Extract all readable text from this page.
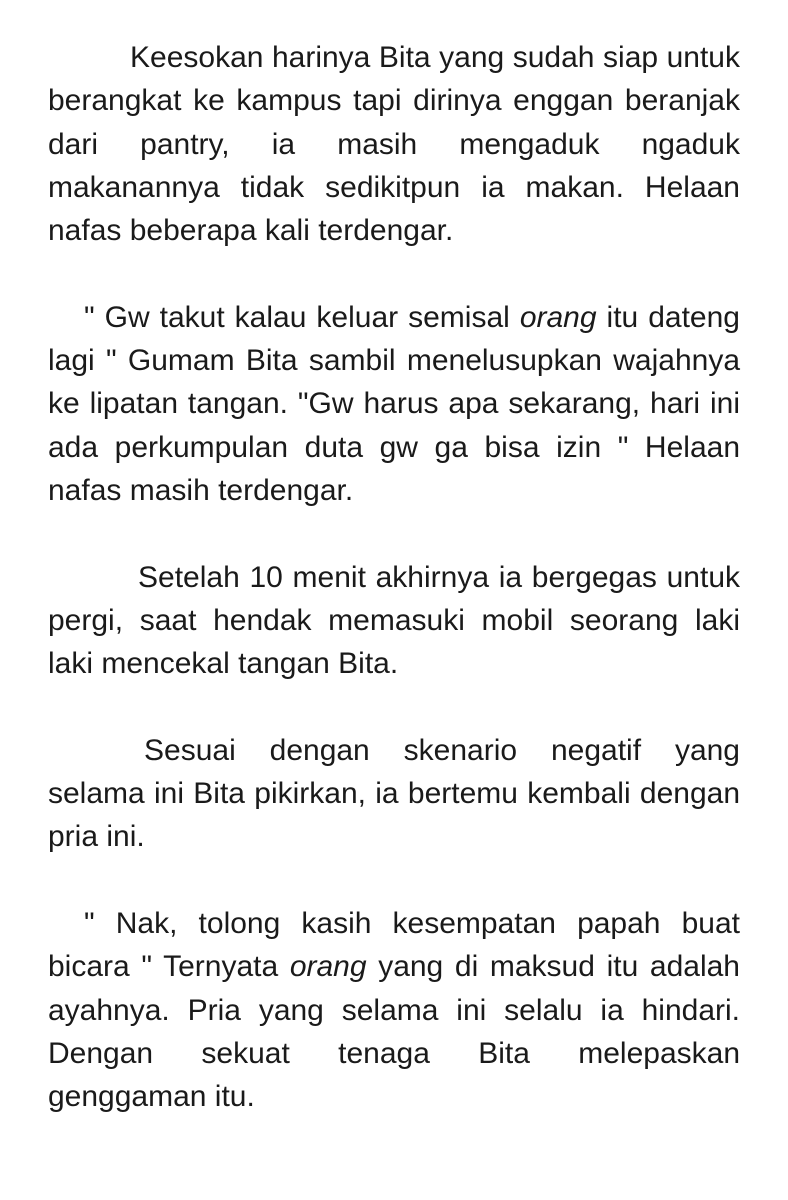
Keesokan harinya Bita yang sudah siap untuk berangkat ke kampus tapi dirinya enggan beranjak dari pantry, ia masih mengaduk ngaduk makanannya tidak sedikitpun ia makan. Helaan nafas beberapa kali terdengar.

" Gw takut kalau keluar semisal orang itu dateng lagi " Gumam Bita sambil menelusupkan wajahnya ke lipatan tangan. "Gw harus apa sekarang, hari ini ada perkumpulan duta gw ga bisa izin " Helaan nafas masih terdengar.

Setelah 10 menit akhirnya ia bergegas untuk pergi, saat hendak memasuki mobil seorang laki laki mencekal tangan Bita.

Sesuai dengan skenario negatif yang selama ini Bita pikirkan, ia bertemu kembali dengan pria ini.

" Nak, tolong kasih kesempatan papah buat bicara " Ternyata orang yang di maksud itu adalah ayahnya. Pria yang selama ini selalu ia hindari. Dengan sekuat tenaga Bita melepaskan genggaman itu.
